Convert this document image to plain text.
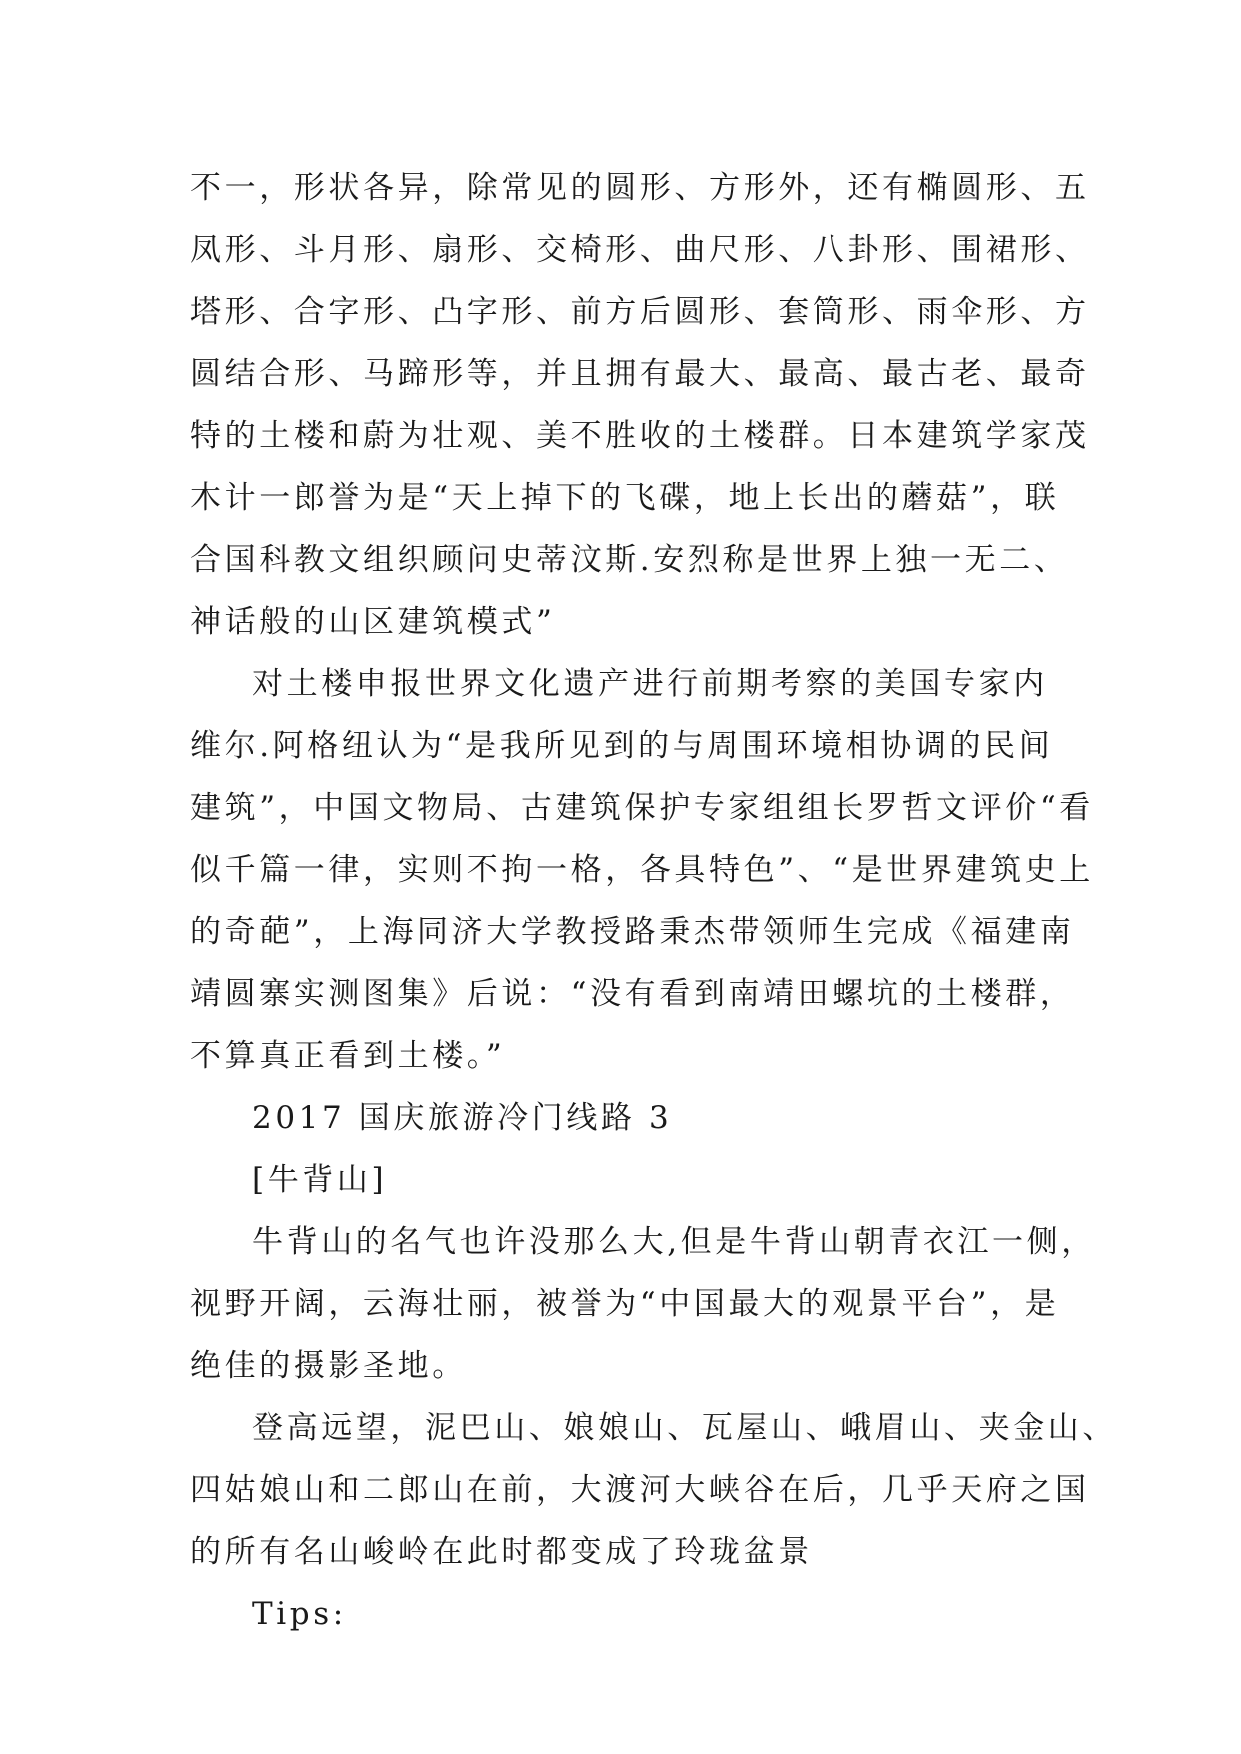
不一，形状各异，除常见的圆形、方形外，还有椭圆形、五
凤形、斗月形、扇形、交椅形、曲尺形、八卦形、围裙形、
塔形、合字形、凸字形、前方后圆形、套筒形、雨伞形、方
圆结合形、马蹄形等，并且拥有最大、最高、最古老、最奇
特的土楼和蔚为壮观、美不胜收的土楼群。日本建筑学家茂
木计一郎誉为是“天上掉下的飞碟，地上长出的蘑菇”，联
合国科教文组织顾问史蒂汶斯.安烈称是世界上独一无二、
神话般的山区建筑模式”
对土楼申报世界文化遗产进行前期考察的美国专家内
维尔.阿格纽认为“是我所见到的与周围环境相协调的民间
建筑”，中国文物局、古建筑保护专家组组长罗哲文评价“看
似千篇一律，实则不拘一格，各具特色”、“是世界建筑史上
的奇葩”，上海同济大学教授路秉杰带领师生完成《福建南
靖圆寨实测图集》后说：“没有看到南靖田螺坑的土楼群，
不算真正看到土楼。”
2017 国庆旅游冷门线路 3
[牛背山]
牛背山的名气也许没那么大,但是牛背山朝青衣江一侧，
视野开阔，云海壮丽，被誉为“中国最大的观景平台”，是
绝佳的摄影圣地。
登高远望，泥巴山、娘娘山、瓦屋山、峨眉山、夹金山、
四姑娘山和二郎山在前，大渡河大峡谷在后，几乎天府之国
的所有名山峻岭在此时都变成了玲珑盆景
Tips:
